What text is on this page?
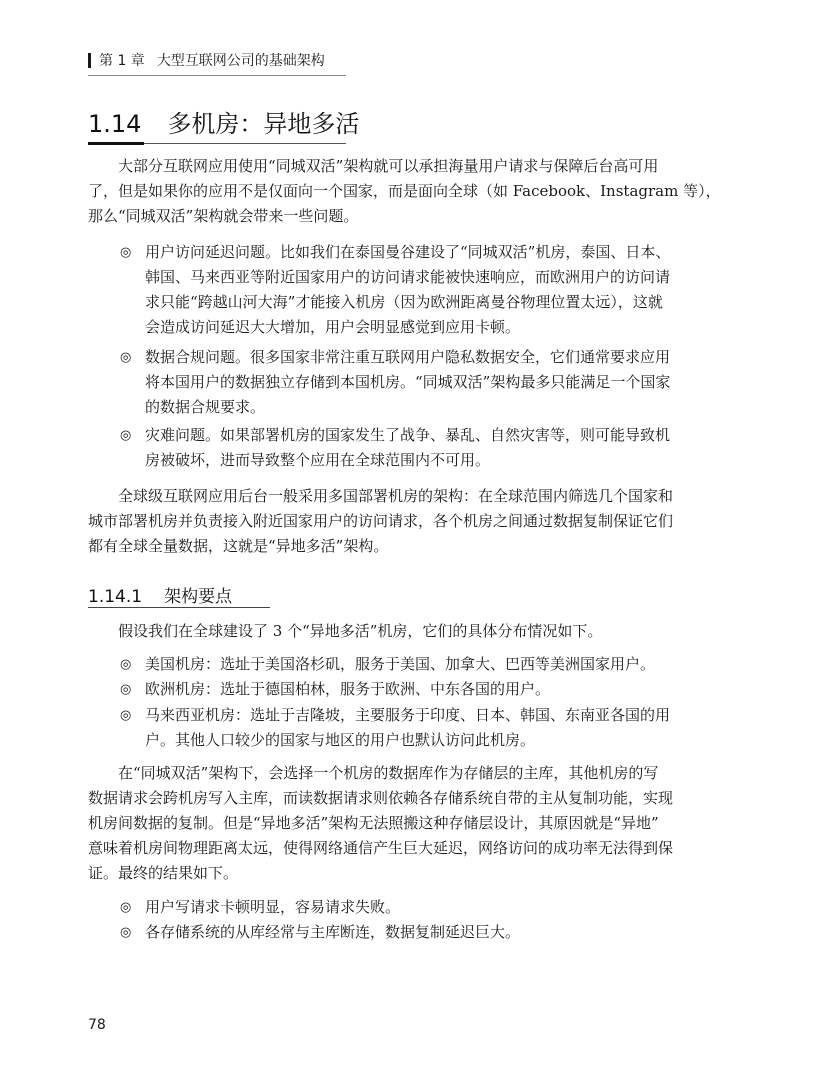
第 1 章 大型互联网公司的基础架构
1.14 多机房：异地多活
大部分互联网应用使用“同城双活”架构就可以承担海量用户请求与保障后台高可用
了，但是如果你的应用不是仅面向一个国家，而是面向全球（如 Facebook、Instagram 等），
那么“同城双活”架构就会带来一些问题。
◎ 用户访问延迟问题。比如我们在泰国曼谷建设了“同城双活”机房，泰国、日本、
韩国、马来西亚等附近国家用户的访问请求能被快速响应，而欧洲用户的访问请
求只能“跨越山河大海”才能接入机房（因为欧洲距离曼谷物理位置太远），这就
会造成访问延迟大大增加，用户会明显感觉到应用卡顿。
◎ 数据合规问题。很多国家非常注重互联网用户隐私数据安全，它们通常要求应用
将本国用户的数据独立存储到本国机房。“同城双活”架构最多只能满足一个国家
的数据合规要求。
◎ 灾难问题。如果部署机房的国家发生了战争、暴乱、自然灾害等，则可能导致机
房被破坏，进而导致整个应用在全球范围内不可用。
全球级互联网应用后台一般采用多国部署机房的架构：在全球范围内筛选几个国家和
城市部署机房并负责接入附近国家用户的访问请求，各个机房之间通过数据复制保证它们
都有全球全量数据，这就是“异地多活”架构。
1.14.1 架构要点
假设我们在全球建设了 3 个“异地多活”机房，它们的具体分布情况如下。
◎ 美国机房：选址于美国洛杉矶，服务于美国、加拿大、巴西等美洲国家用户。
◎ 欧洲机房：选址于德国柏林，服务于欧洲、中东各国的用户。
◎ 马来西亚机房：选址于吉隆坡，主要服务于印度、日本、韩国、东南亚各国的用
户。其他人口较少的国家与地区的用户也默认访问此机房。
在“同城双活”架构下，会选择一个机房的数据库作为存储层的主库，其他机房的写
数据请求会跨机房写入主库，而读数据请求则依赖各存储系统自带的主从复制功能，实现
机房间数据的复制。但是“异地多活”架构无法照搬这种存储层设计，其原因就是“异地”
意味着机房间物理距离太远，使得网络通信产生巨大延迟，网络访问的成功率无法得到保
证。最终的结果如下。
◎ 用户写请求卡顿明显，容易请求失败。
◎ 各存储系统的从库经常与主库断连，数据复制延迟巨大。
78
